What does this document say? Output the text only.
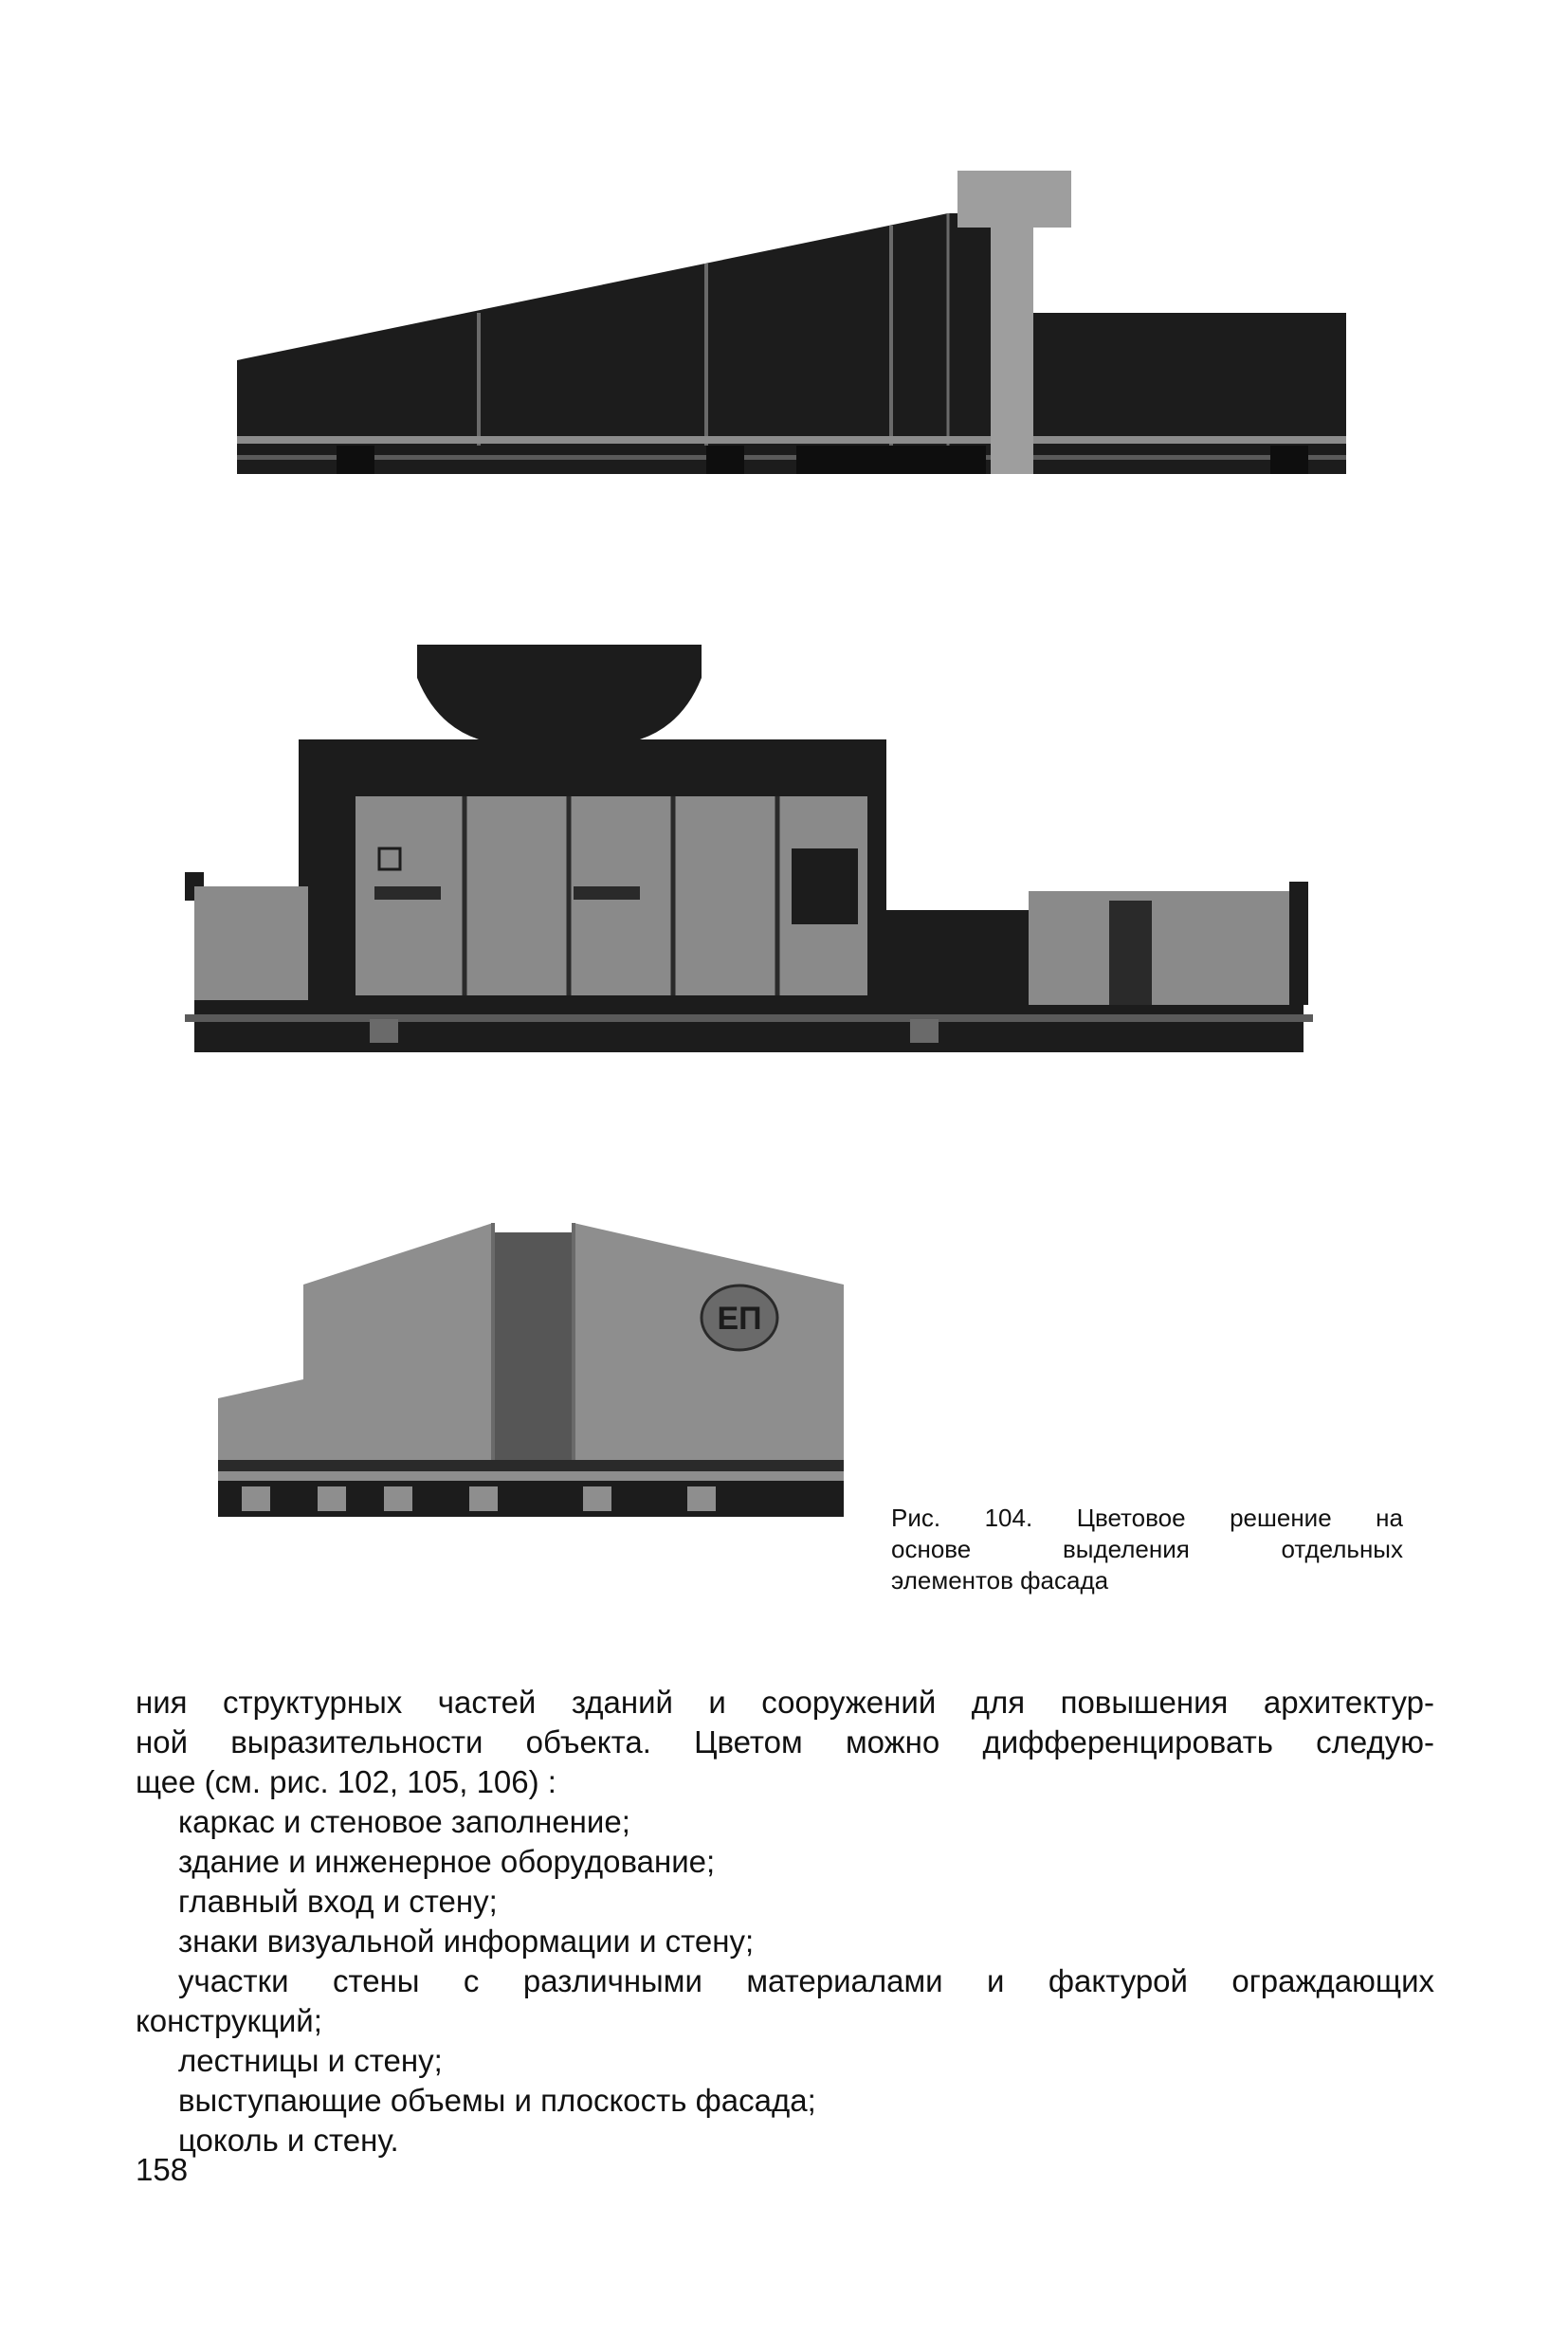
ЕП
Рис. 104. Цветовое решение на
основе выделения отдельных
элементов фасада
ния структурных частей зданий и сооружений для повышения архитектур-
ной выразительности объекта. Цветом можно дифференцировать следую-
щее (см. рис. 102, 105, 106) :
каркас и стеновое заполнение;
здание и инженерное оборудование;
главный вход и стену;
знаки визуальной информации и стену;
участки стены с различными материалами и фактурой ограждающих
конструкций;
лестницы и стену;
выступающие объемы и плоскость фасада;
цоколь и стену.
158
